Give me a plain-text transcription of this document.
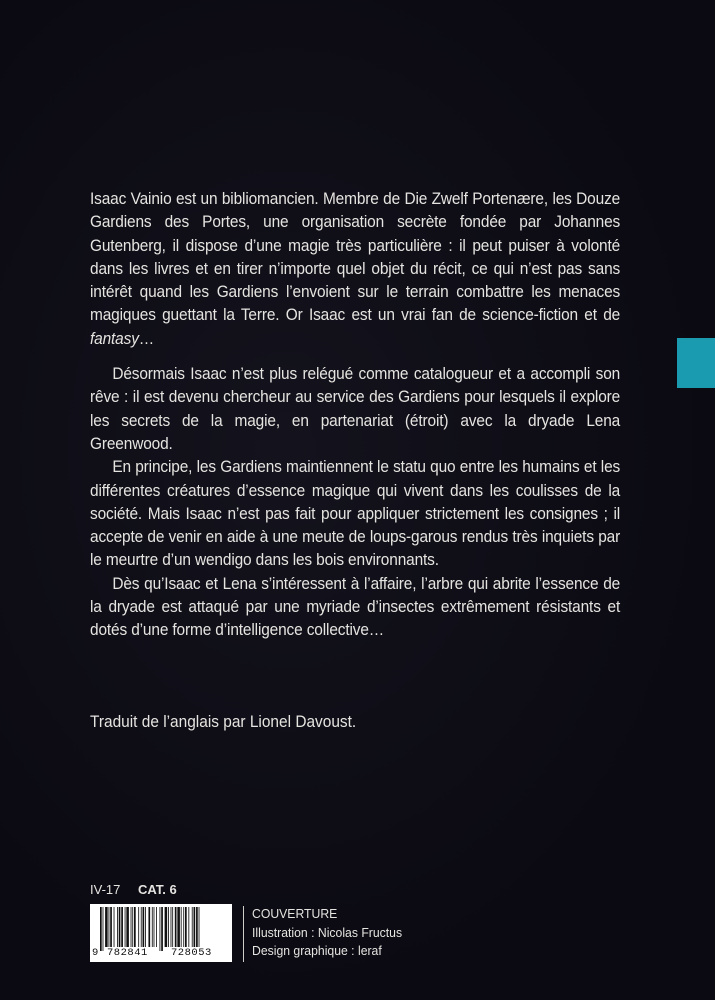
Isaac Vainio est un bibliomancien. Membre de Die Zwelf Portenære, les Douze Gardiens des Portes, une organisation secrète fondée par Johannes Gutenberg, il dispose d’une magie très particulière : il peut puiser à volonté dans les livres et en tirer n’importe quel objet du récit, ce qui n’est pas sans intérêt quand les Gardiens l’envoient sur le terrain combattre les menaces magiques guettant la Terre. Or Isaac est un vrai fan de science-fiction et de fantasy…

Désormais Isaac n’est plus relégué comme catalogueur et a accompli son rêve : il est devenu chercheur au service des Gardiens pour lesquels il explore les secrets de la magie, en partenariat (étroit) avec la dryade Lena Greenwood.

En principe, les Gardiens maintiennent le statu quo entre les humains et les différentes créatures d’essence magique qui vivent dans les coulisses de la société. Mais Isaac n’est pas fait pour appliquer strictement les consignes ; il accepte de venir en aide à une meute de loups-garous rendus très inquiets par le meurtre d’un wendigo dans les bois environnants.

Dès qu’Isaac et Lena s’intéressent à l’affaire, l’arbre qui abrite l’essence de la dryade est attaqué par une myriade d’insectes extrêmement résistants et dotés d’une forme d’intelligence collective…

Traduit de l’anglais par Lionel Davoust.
IV-17 CAT. 6
9 782841 728053
COUVERTURE
Illustration : Nicolas Fructus
Design graphique : leraf
